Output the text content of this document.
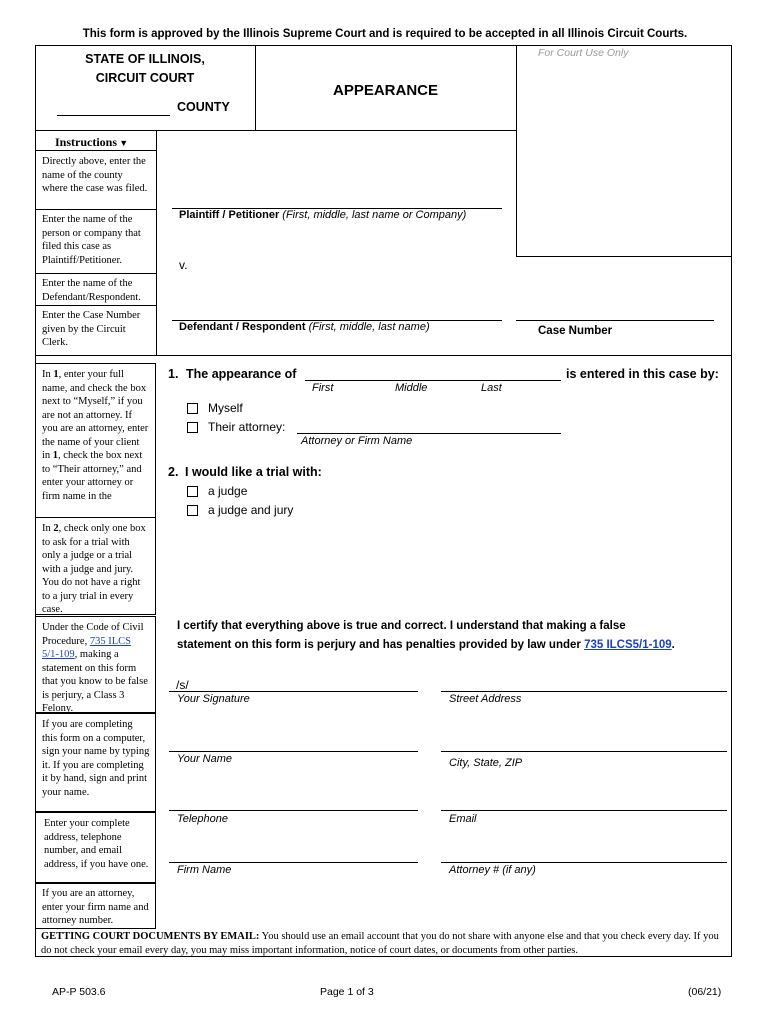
This form is approved by the Illinois Supreme Court and is required to be accepted in all Illinois Circuit Courts.
STATE OF ILLINOIS,
CIRCUIT COURT
COUNTY
APPEARANCE
For Court Use Only
Instructions ▼
Directly above, enter the name of the county where the case was filed.
Enter the name of the person or company that filed this case as Plaintiff/Petitioner.
Enter the name of the Defendant/Respondent.
Enter the Case Number given by the Circuit Clerk.
Plaintiff / Petitioner (First, middle, last name or Company)
v.
Defendant / Respondent (First, middle, last name)	Case Number
In 1, enter your full name, and check the box next to “Myself,” if you are not an attorney. If you are an attorney, enter the name of your client in 1, check the box next to “Their attorney,” and enter your attorney or firm name in the
In 2, check only one box to ask for a trial with only a judge or a trial with a judge and jury. You do not have a right to a jury trial in every case.
Under the Code of Civil Procedure, 735 ILCS 5/1-109, making a statement on this form that you know to be false is perjury, a Class 3 Felony.
If you are completing this form on a computer, sign your name by typing it. If you are completing it by hand, sign and print your name.
Enter your complete address, telephone number, and email address, if you have one.
If you are an attorney, enter your firm name and attorney number.
1. The appearance of	is entered in this case by:
First	Middle	Last
Myself
Their attorney:
Attorney or Firm Name
2. I would like a trial with:
a judge
a judge and jury
I certify that everything above is true and correct. I understand that making a false
statement on this form is perjury and has penalties provided by law under 735 ILCS5/1-109.
/s/
Your Signature	Street Address
Your Name	City, State, ZIP
Telephone	Email
Firm Name	Attorney # (if any)
GETTING COURT DOCUMENTS BY EMAIL: You should use an email account that you do not share with anyone else and that you check every day. If you do not check your email every day, you may miss important information, notice of court dates, or documents from other parties.
AP-P 503.6	Page 1 of 3	(06/21)
